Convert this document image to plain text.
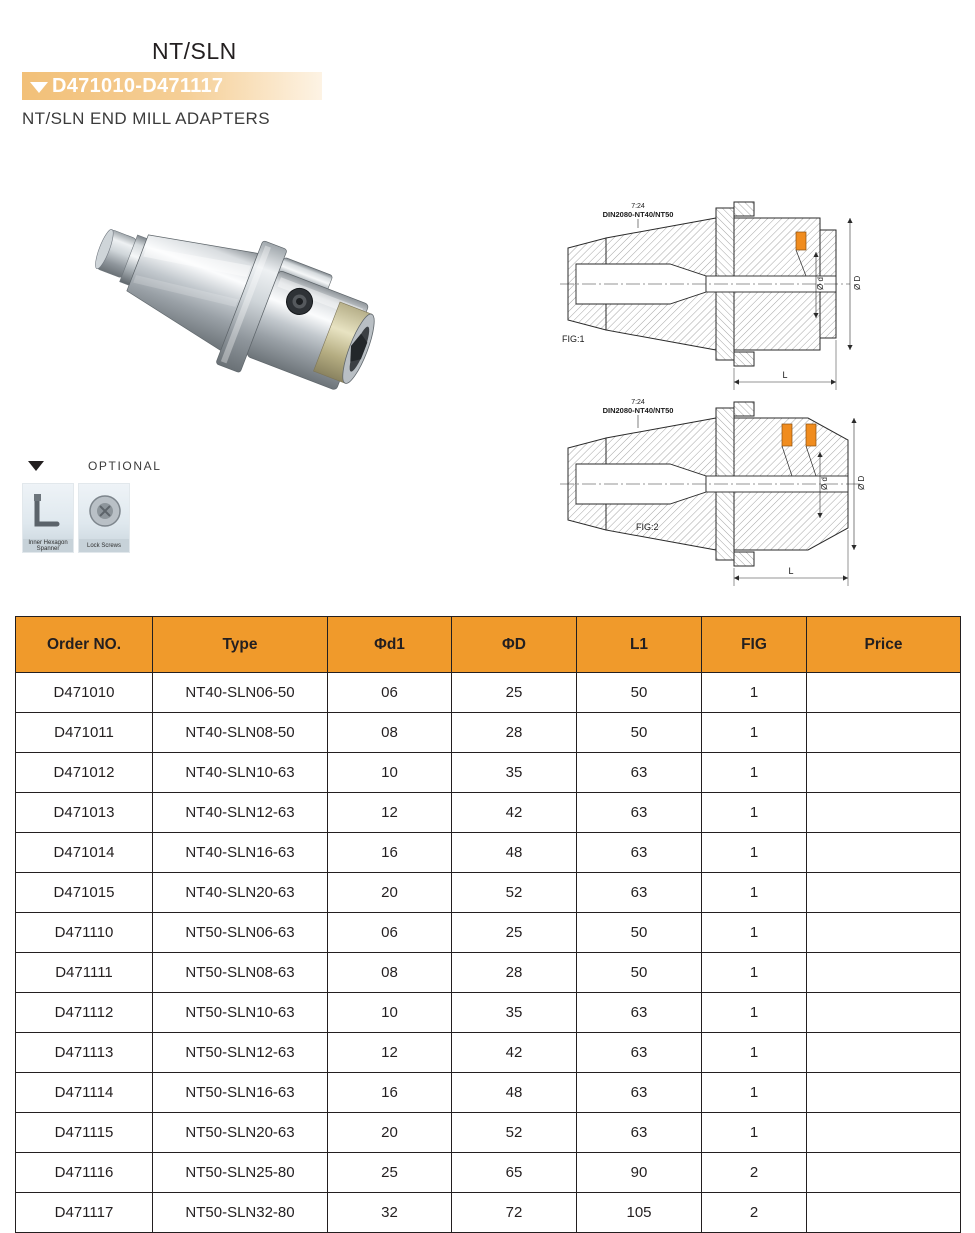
NT/SLN
D471010-D471117
NT/SLN END MILL ADAPTERS
OPTIONAL
Inner Hexagon Spanner	Lock Screws
7:24
DIN2080-NT40/NT50
FIG:1
Ø d	Ø D
L
7:24
DIN2080-NT40/NT50
FIG:2
Ø d	Ø D
L
Order NO.	Type	Φd1	ΦD	L1	FIG	Price
D471010	NT40-SLN06-50	06	25	50	1	
D471011	NT40-SLN08-50	08	28	50	1	
D471012	NT40-SLN10-63	10	35	63	1	
D471013	NT40-SLN12-63	12	42	63	1	
D471014	NT40-SLN16-63	16	48	63	1	
D471015	NT40-SLN20-63	20	52	63	1	
D471110	NT50-SLN06-63	06	25	50	1	
D471111	NT50-SLN08-63	08	28	50	1	
D471112	NT50-SLN10-63	10	35	63	1	
D471113	NT50-SLN12-63	12	42	63	1	
D471114	NT50-SLN16-63	16	48	63	1	
D471115	NT50-SLN20-63	20	52	63	1	
D471116	NT50-SLN25-80	25	65	90	2	
D471117	NT50-SLN32-80	32	72	105	2	
